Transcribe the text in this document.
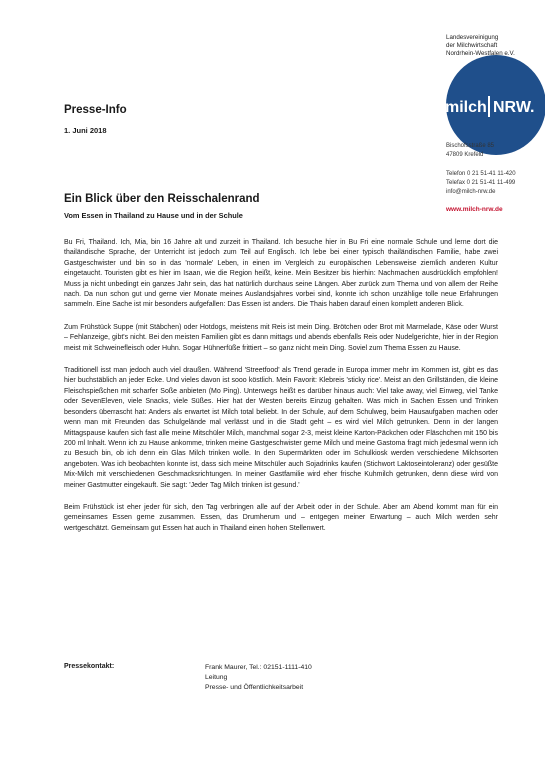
Landesvereinigung
der Milchwirtschaft
Nordrhein-Westfalen e.V.
milch NRW.
Presse-Info
1. Juni 2018
Bischofsstraße 85
47809 Krefeld

Telefon 0 21 51-41 11-420
Telefax 0 21 51-41 11-499
info@milch-nrw.de
www.milch-nrw.de
Ein Blick über den Reisschalenrand
Vom Essen in Thailand zu Hause und in der Schule

Bu Fri, Thailand. Ich, Mia, bin 16 Jahre alt und zurzeit in Thailand. Ich besuche hier in Bu Fri eine normale Schule und lerne dort die thailändische Sprache, der Unterricht ist jedoch zum Teil auf Englisch. Ich lebe bei einer typisch thailändischen Familie, habe zwei Gastgeschwister und bin so in das 'normale' Leben, in einen im Vergleich zu europäischen Lebensweise ziemlich anderen Kultur eingetaucht. Touristen gibt es hier im Isaan, wie die Region heißt, keine. Mein Besitzer bis hierhin: Nachmachen ausdrücklich empfohlen! Muss ja nicht unbedingt ein ganzes Jahr sein, das hat natürlich durchaus seine Längen. Aber zurück zum Thema und von allem der Reihe nach. Da nun schon gut und gerne vier Monate meines Auslandsjahres vorbei sind, konnte ich schon unzählige tolle neue Erfahrungen sammeln. Eine Sache ist mir besonders aufgefallen: Das Essen ist anders. Die Thais haben darauf einen komplett anderen Blick.

Zum Frühstück Suppe (mit Stäbchen) oder Hotdogs, meistens mit Reis ist mein Ding. Brötchen oder Brot mit Marmelade, Käse oder Wurst – Fehlanzeige, gibt's nicht. Bei den meisten Familien gibt es dann mittags und abends ebenfalls Reis oder Nudelgerichte, hier in der Region meist mit Schweinefleisch oder Huhn. Sogar Hühnerfüße frittiert – so ganz nicht mein Ding. Soviel zum Thema Essen zu Hause.

Traditionell isst man jedoch auch viel draußen. Während 'Streetfood' als Trend gerade in Europa immer mehr im Kommen ist, gibt es das hier buchstäblich an jeder Ecke. Und vieles davon ist sooo köstlich. Mein Favorit: Klebreis 'sticky rice'. Meist an den Grillständen, die kleine Fleischspießchen mit scharfer Soße anbieten (Mo Ping). Unterwegs heißt es darüber hinaus auch: Viel take away, viel Einweg, viel Tanke oder SevenEleven, viele Snacks, viele Süßes. Hier hat der Westen bereits Einzug gehalten. Was mich in Sachen Essen und Trinken besonders überrascht hat: Anders als erwartet ist Milch total beliebt. In der Schule, auf dem Schulweg, beim Hausaufgaben machen oder wenn man mit Freunden das Schulgelände mal verlässt und in die Stadt geht – es wird viel Milch getrunken. Denn in der langen Mittagspause kaufen sich fast alle meine Mitschüler Milch, manchmal sogar 2-3, meist kleine Karton-Päckchen oder Fläschchen mit 150 bis 200 ml Inhalt. Wenn ich zu Hause ankomme, trinken meine Gastgeschwister gerne Milch und meine Gastoma fragt mich jedesmal wenn ich zu Besuch bin, ob ich denn ein Glas Milch trinken wolle. In den Supermärkten oder im Schulkiosk werden verschiedene Milchsorten angeboten. Was ich beobachten konnte ist, dass sich meine Mitschüler auch Sojadrinks kaufen (Stichwort Laktoseintoleranz) oder gesüßte Mix-Milch mit verschiedenen Geschmacksrichtungen. In meiner Gastfamilie wird eher frische Kuhmilch getrunken, denn diese wird von meiner Gastmutter eingekauft. Sie sagt: 'Jeder Tag Milch trinken ist gesund.'

Beim Frühstück ist eher jeder für sich, den Tag verbringen alle auf der Arbeit oder in der Schule. Aber am Abend kommt man für ein gemeinsames Essen gerne zusammen. Essen, das Drumherum und – entgegen meiner Erwartung – auch Milch werden sehr wertgeschätzt. Gemeinsam gut Essen hat auch in Thailand einen hohen Stellenwert.

Pressekontakt:	Frank Maurer, Tel.: 02151-1111-410
Leitung
Presse- und Öffentlichkeitsarbeit
